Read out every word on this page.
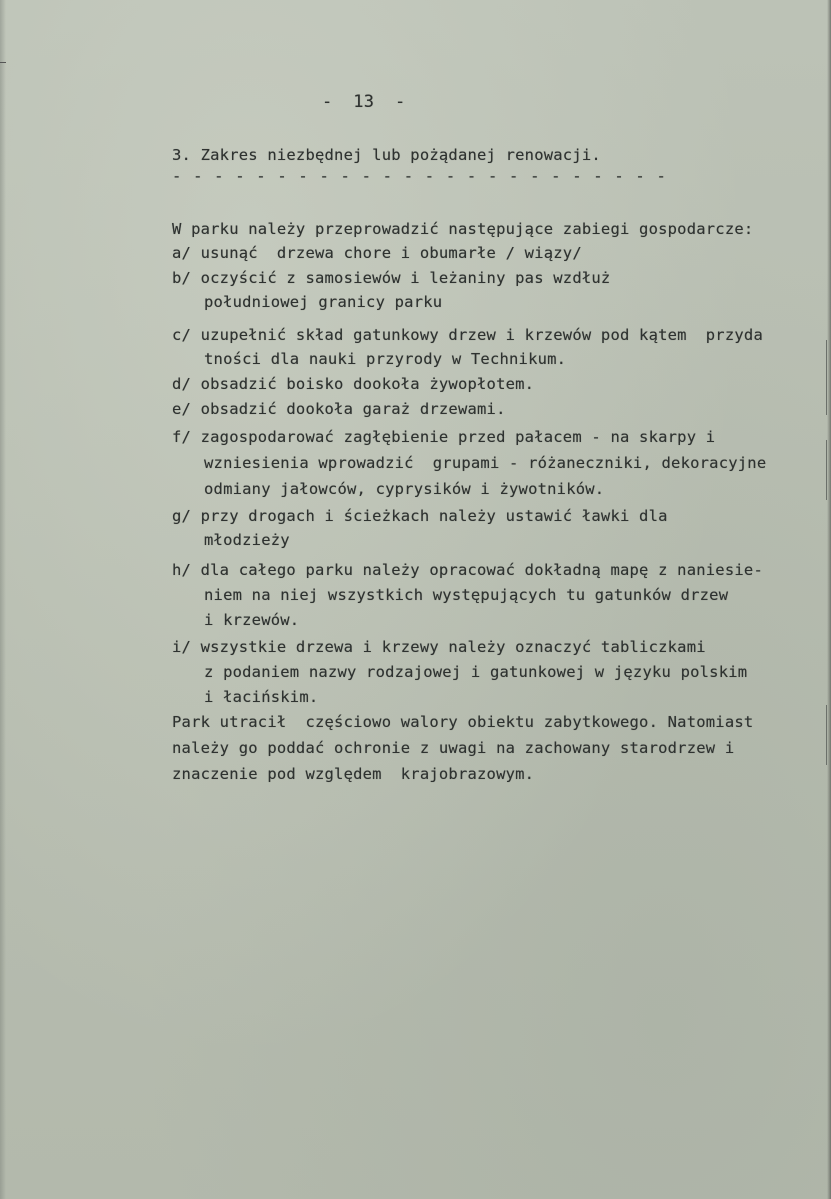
-  13  -
3. Zakres niezbędnej lub pożądanej renowacji.
- - - - - - - - - - - - - - - - - - - - - - - -
W parku należy przeprowadzić następujące zabiegi gospodarcze:
a/ usunąć  drzewa chore i obumarłe / wiązy/
b/ oczyścić z samosiewów i leżaniny pas wzdłuż
południowej granicy parku
c/ uzupełnić skład gatunkowy drzew i krzewów pod kątem  przyda
tności dla nauki przyrody w Technikum.
d/ obsadzić boisko dookoła żywopłotem.
e/ obsadzić dookoła garaż drzewami.
f/ zagospodarować zagłębienie przed pałacem - na skarpy i
wzniesienia wprowadzić  grupami - różaneczniki, dekoracyjne
odmiany jałowców, cyprysików i żywotników.
g/ przy drogach i ścieżkach należy ustawić ławki dla
młodzieży
h/ dla całego parku należy opracować dokładną mapę z naniesie-
niem na niej wszystkich występujących tu gatunków drzew
i krzewów.
i/ wszystkie drzewa i krzewy należy oznaczyć tabliczkami
z podaniem nazwy rodzajowej i gatunkowej w języku polskim
i łacińskim.
Park utracił  częściowo walory obiektu zabytkowego. Natomiast
należy go poddać ochronie z uwagi na zachowany starodrzew i
znaczenie pod względem  krajobrazowym.
